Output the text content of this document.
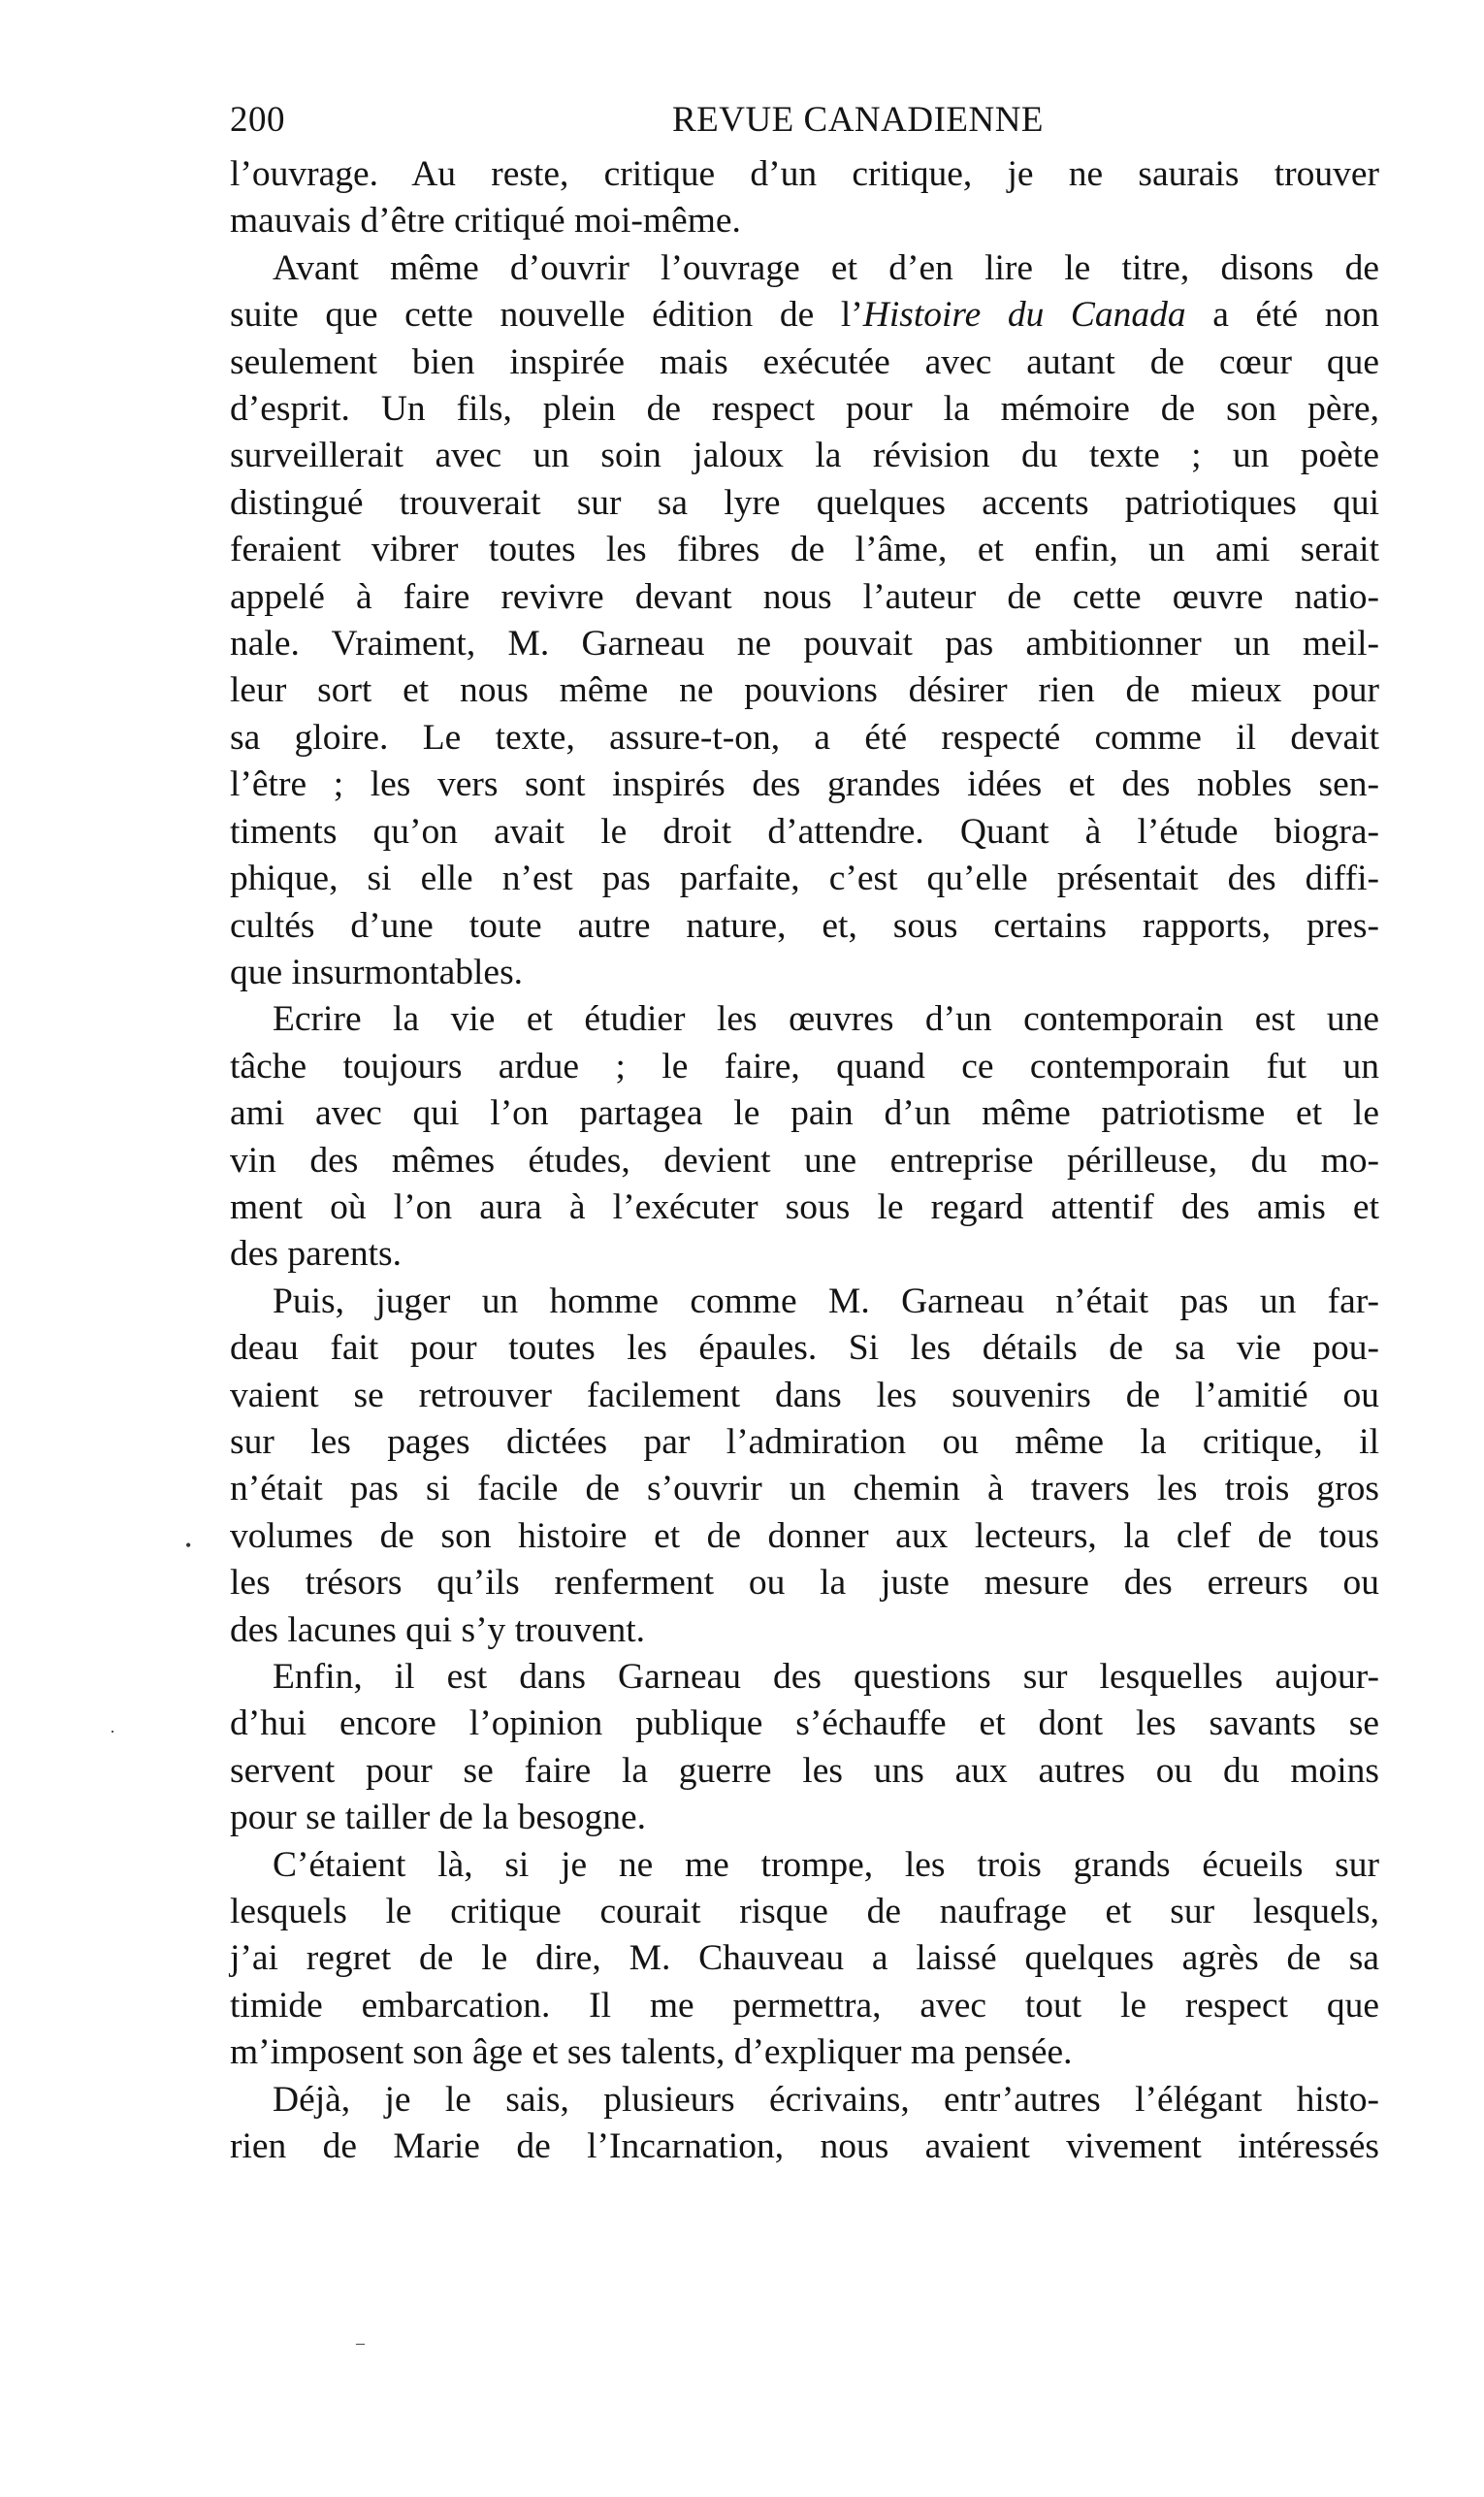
200	REVUE CANADIENNE

l’ouvrage. Au reste, critique d’un critique, je ne saurais trouver
mauvais d’être critiqué moi-même.

Avant même d’ouvrir l’ouvrage et d’en lire le titre, disons de
suite que cette nouvelle édition de l’Histoire du Canada a été non
seulement bien inspirée mais exécutée avec autant de cœur que
d’esprit. Un fils, plein de respect pour la mémoire de son père,
surveillerait avec un soin jaloux la révision du texte ; un poète
distingué trouverait sur sa lyre quelques accents patriotiques qui
feraient vibrer toutes les fibres de l’âme, et enfin, un ami serait
appelé à faire revivre devant nous l’auteur de cette œuvre natio-
nale. Vraiment, M. Garneau ne pouvait pas ambitionner un meil-
leur sort et nous même ne pouvions désirer rien de mieux pour
sa gloire. Le texte, assure-t-on, a été respecté comme il devait
l’être ; les vers sont inspirés des grandes idées et des nobles sen-
timents qu’on avait le droit d’attendre. Quant à l’étude biogra-
phique, si elle n’est pas parfaite, c’est qu’elle présentait des diffi-
cultés d’une toute autre nature, et, sous certains rapports, pres-
que insurmontables.

Ecrire la vie et étudier les œuvres d’un contemporain est une
tâche toujours ardue ; le faire, quand ce contemporain fut un
ami avec qui l’on partagea le pain d’un même patriotisme et le
vin des mêmes études, devient une entreprise périlleuse, du mo-
ment où l’on aura à l’exécuter sous le regard attentif des amis et
des parents.

Puis, juger un homme comme M. Garneau n’était pas un far-
deau fait pour toutes les épaules. Si les détails de sa vie pou-
vaient se retrouver facilement dans les souvenirs de l’amitié ou
sur les pages dictées par l’admiration ou même la critique, il
n’était pas si facile de s’ouvrir un chemin à travers les trois gros
volumes de son histoire et de donner aux lecteurs, la clef de tous
les trésors qu’ils renferment ou la juste mesure des erreurs ou
des lacunes qui s’y trouvent.

Enfin, il est dans Garneau des questions sur lesquelles aujour-
d’hui encore l’opinion publique s’échauffe et dont les savants se
servent pour se faire la guerre les uns aux autres ou du moins
pour se tailler de la besogne.

C’étaient là, si je ne me trompe, les trois grands écueils sur
lesquels le critique courait risque de naufrage et sur lesquels,
j’ai regret de le dire, M. Chauveau a laissé quelques agrès de sa
timide embarcation. Il me permettra, avec tout le respect que
m’imposent son âge et ses talents, d’expliquer ma pensée.

Déjà, je le sais, plusieurs écrivains, entr’autres l’élégant histo-
rien de Marie de l’Incarnation, nous avaient vivement intéressés

•
·
–
